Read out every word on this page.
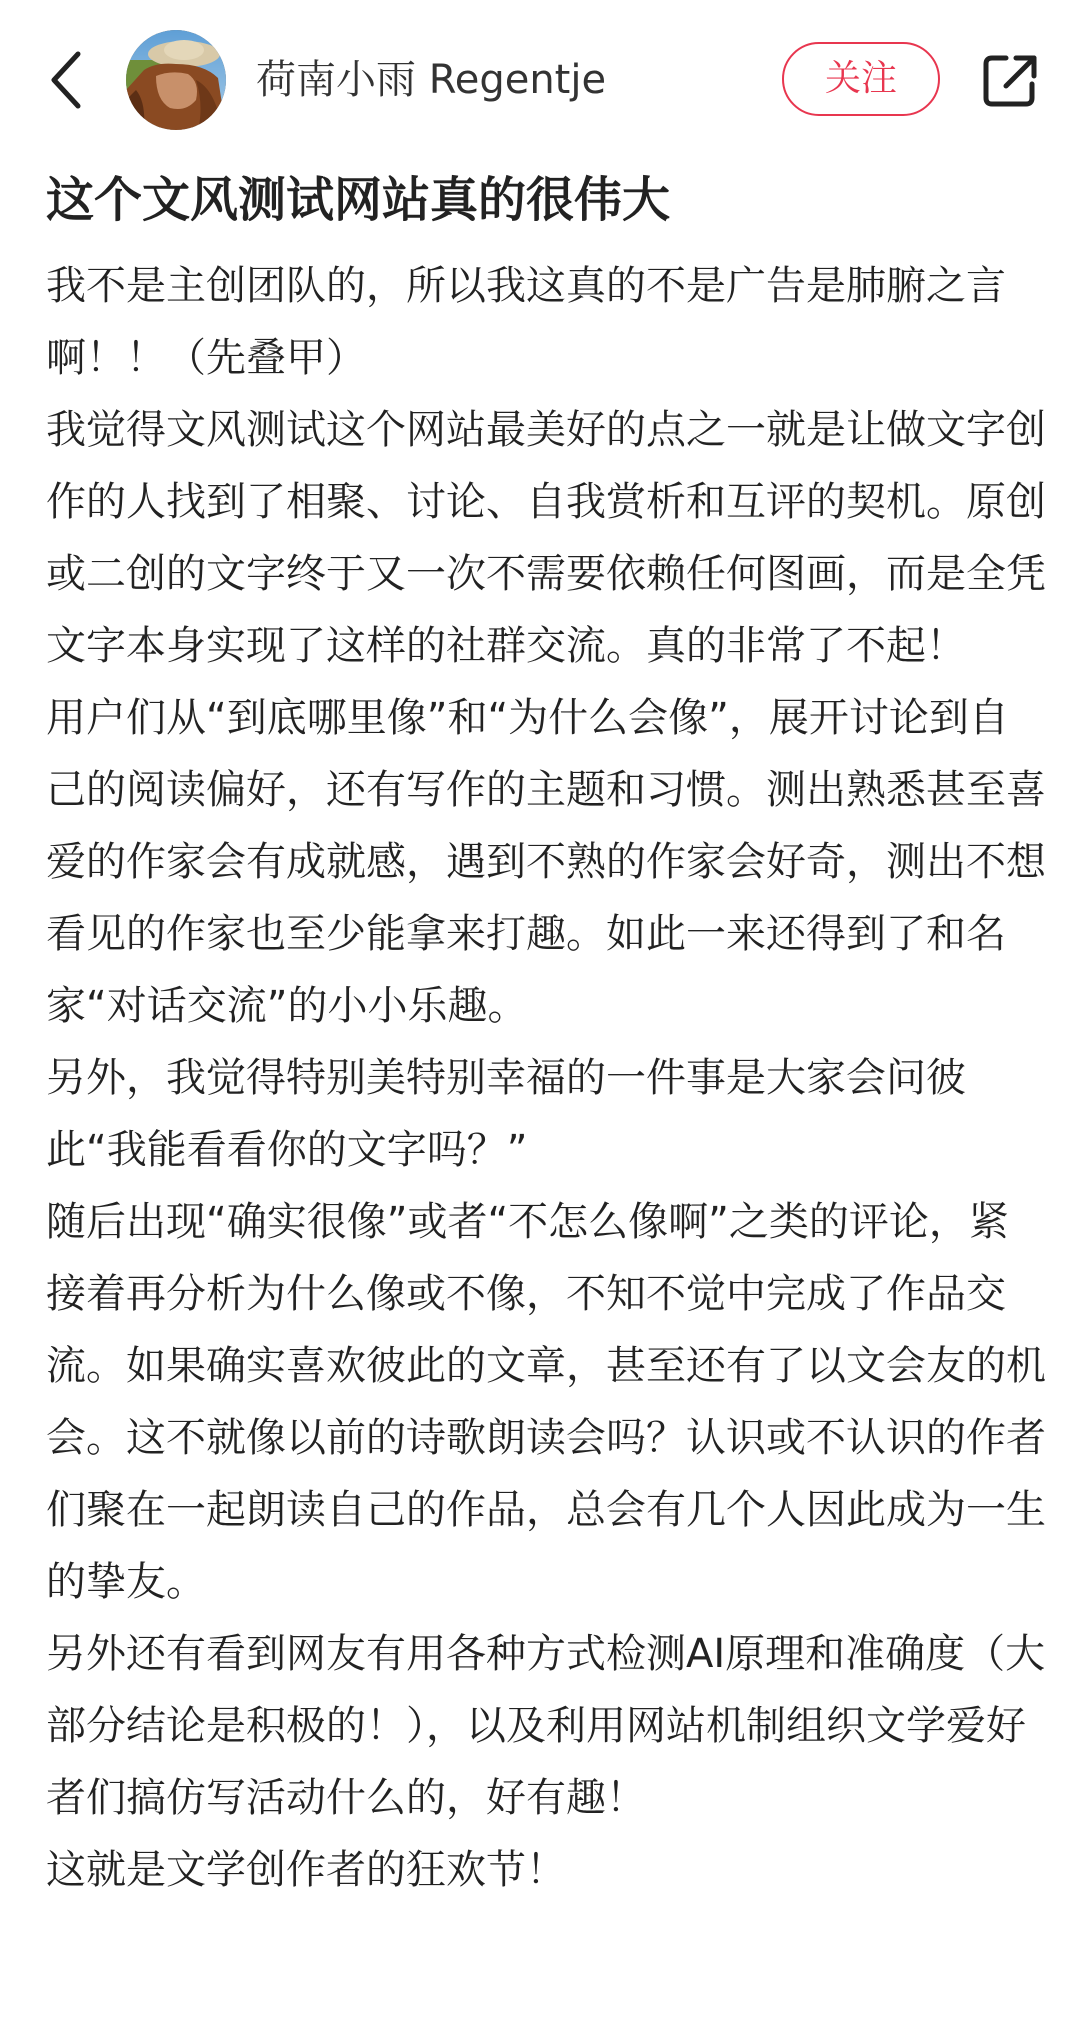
荷南小雨 Regentje	关注
这个文风测试网站真的很伟大

我不是主创团队的，所以我这真的不是广告是肺腑之言啊！！（先叠甲）

我觉得文风测试这个网站最美好的点之一就是让做文字创作的人找到了相聚、讨论、自我赏析和互评的契机。原创或二创的文字终于又一次不需要依赖任何图画，而是全凭文字本身实现了这样的社群交流。真的非常了不起！

用户们从“到底哪里像”和“为什么会像”，展开讨论到自己的阅读偏好，还有写作的主题和习惯。测出熟悉甚至喜爱的作家会有成就感，遇到不熟的作家会好奇，测出不想看见的作家也至少能拿来打趣。如此一来还得到了和名家“对话交流”的小小乐趣。

另外，我觉得特别美特别幸福的一件事是大家会问彼此“我能看看你的文字吗？”

随后出现“确实很像”或者“不怎么像啊”之类的评论，紧接着再分析为什么像或不像，不知不觉中完成了作品交流。如果确实喜欢彼此的文章，甚至还有了以文会友的机会。这不就像以前的诗歌朗读会吗？认识或不认识的作者们聚在一起朗读自己的作品，总会有几个人因此成为一生的挚友。

另外还有看到网友有用各种方式检测AI原理和准确度（大部分结论是积极的！），以及利用网站机制组织文学爱好者们搞仿写活动什么的，好有趣！

这就是文学创作者的狂欢节！
